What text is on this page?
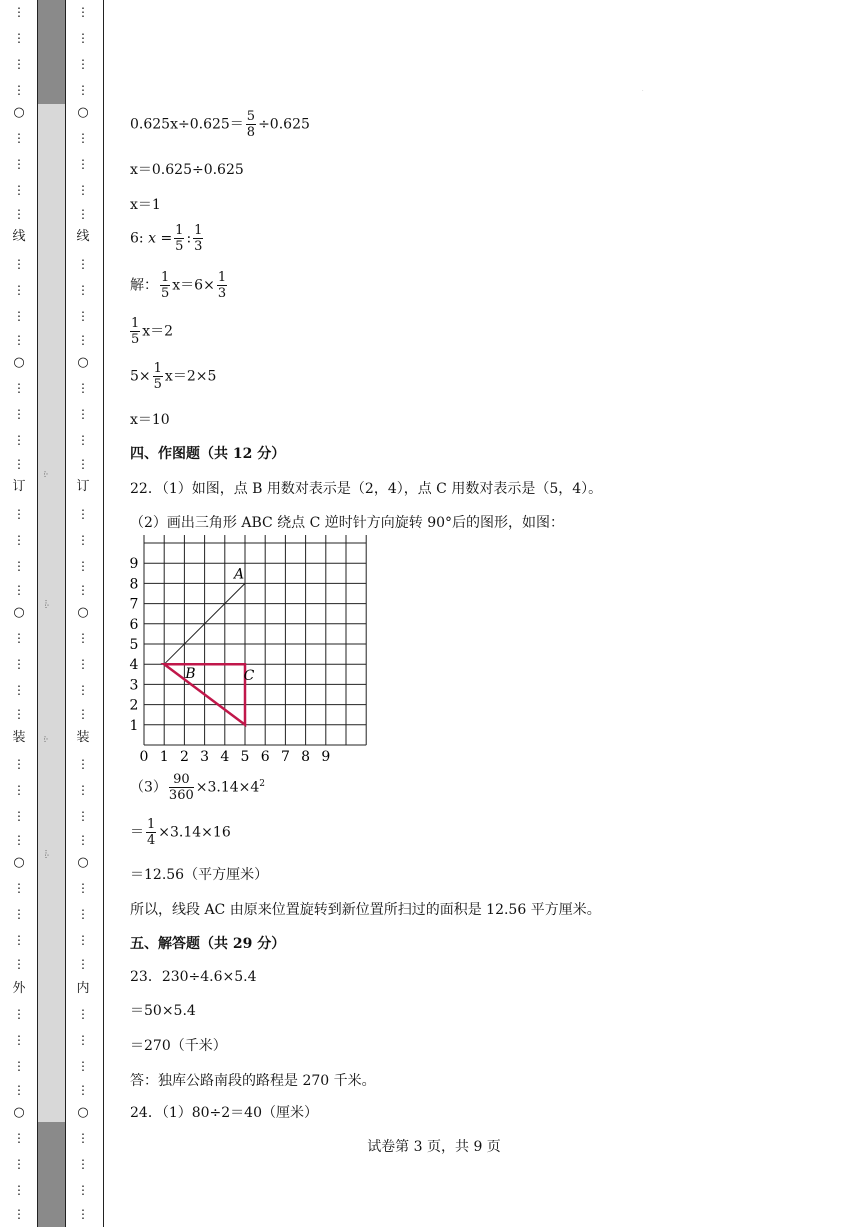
·:·
·:··
·:·
·:··
⋮
⋮
⋮
⋮
○
⋮
⋮
⋮
⋮
线
⋮
⋮
⋮
⋮
○
⋮
⋮
⋮
⋮
订
⋮
⋮
⋮
⋮
○
⋮
⋮
⋮
⋮
装
⋮
⋮
⋮
⋮
○
⋮
⋮
⋮
⋮
外
⋮
⋮
⋮
⋮
○
⋮
⋮
⋮
⋮
⋮
⋮
⋮
⋮
○
⋮
⋮
⋮
⋮
线
⋮
⋮
⋮
⋮
○
⋮
⋮
⋮
⋮
订
⋮
⋮
⋮
⋮
○
⋮
⋮
⋮
⋮
装
⋮
⋮
⋮
⋮
○
⋮
⋮
⋮
⋮
内
⋮
⋮
⋮
⋮
○
⋮
⋮
⋮
⋮
·
$0.625x\div 0.625= \frac{5}{8} \div 0.625$
x＝0.625÷0.625
x＝1
6: $x = \frac{1}{5}$ : $\frac{1}{3}$
解： $\frac{1}{5} x=6\times \frac{1}{3}$
$\frac{1}{5} x=2$
$5\times \frac{1}{5} x=2\times 5$
x＝10
四、作图题（共 12 分）
22．（1）如图，点 B 用数对表示是（2，4），点 C 用数对表示是（5，4）。
（2）画出三角形 ABC 绕点 C 逆时针方向旋转 90°后的图形，如图：
0 1 2 3 4 5 6 7 8 9
1
2
3
4
5
6
7
8
9
A
B	C
$(3) \frac{90}{360} \times 3.14\times 4^2$
＝ $\frac{1}{4} \times 3.14\times 16$
＝12.56（平方厘米）
所以，线段 AC 由原来位置旋转到新位置所扫过的面积是 12.56 平方厘米。
五、解答题（共 29 分）
23．230÷4.6×5.4
＝50×5.4
＝270（千米）
答：独库公路南段的路程是 270 千米。
24．（1）80÷2＝40（厘米）
试卷第 3 页，共 9 页
